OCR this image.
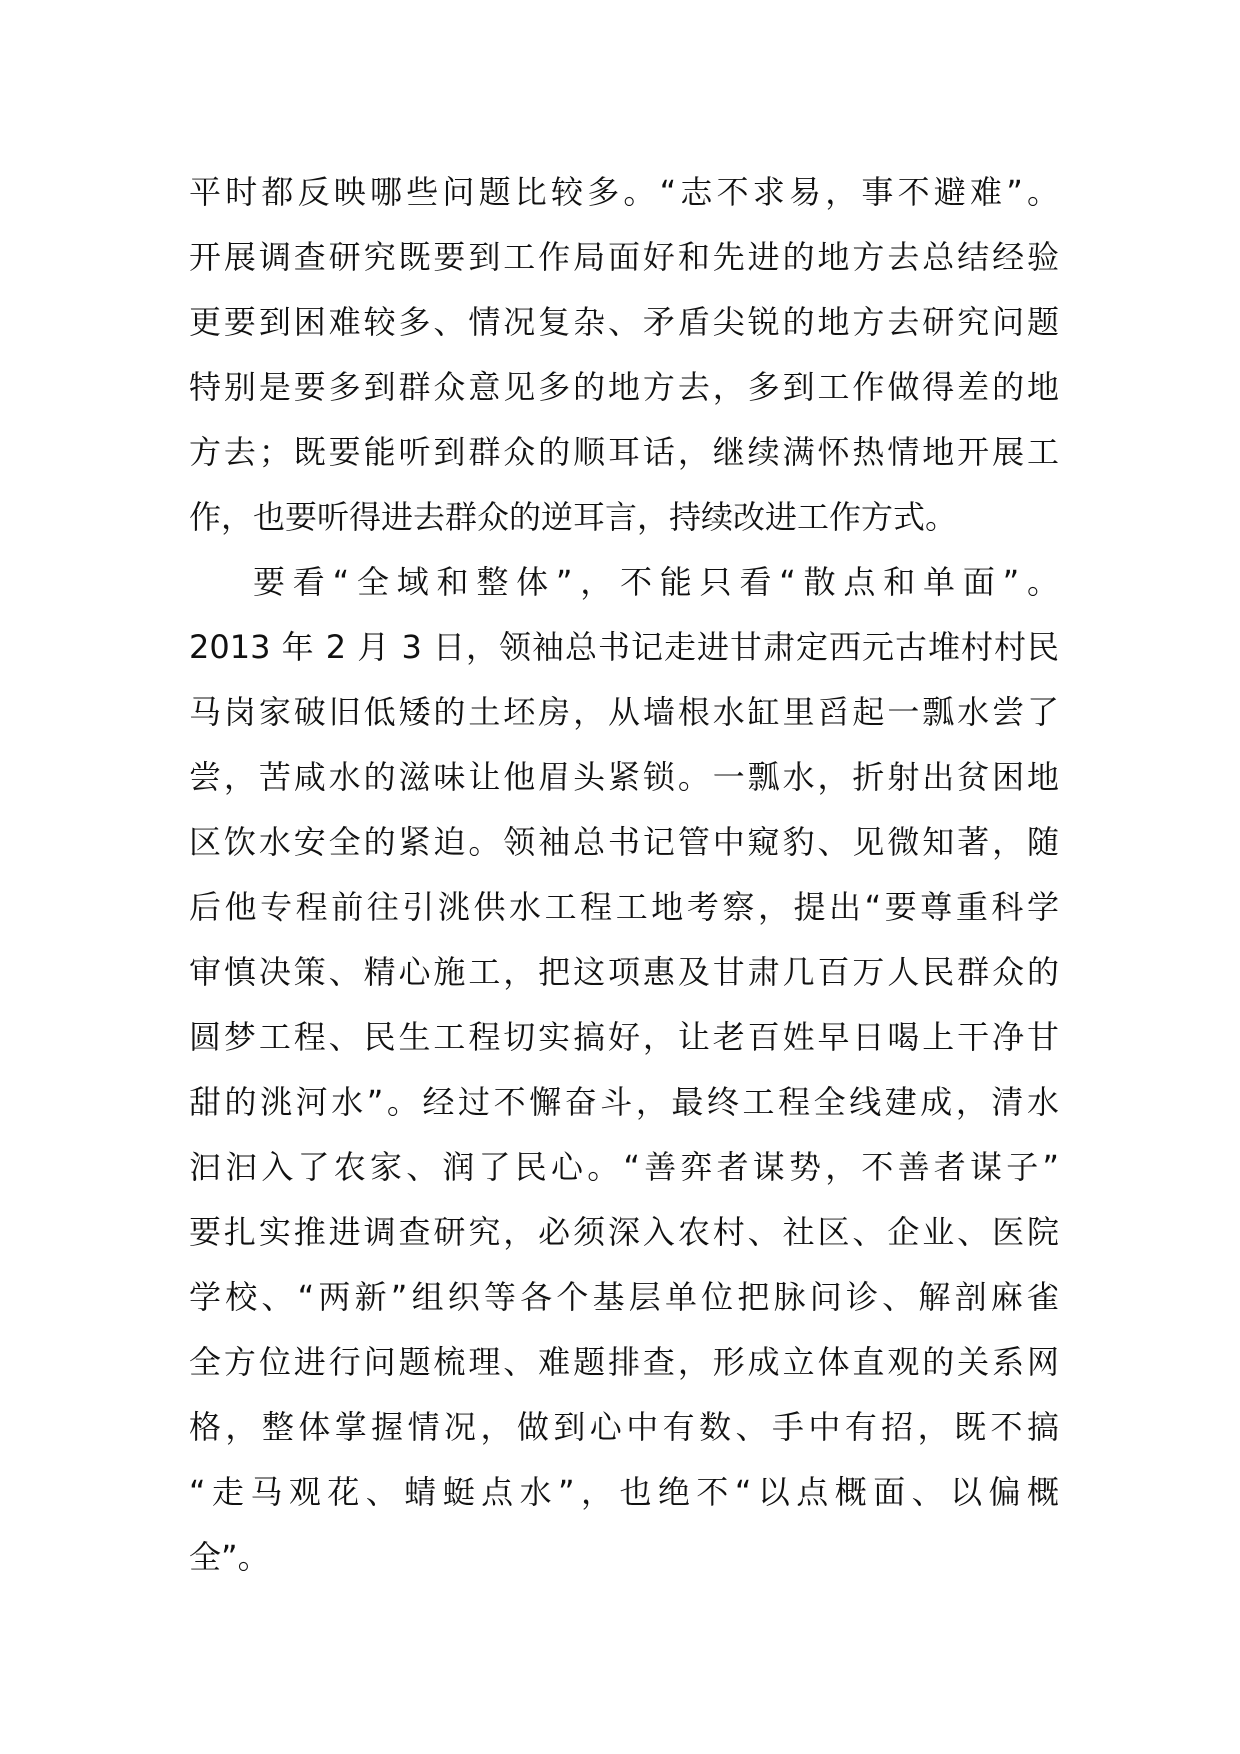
平时都反映哪些问题比较多。“志不求易，事不避难”。
开展调查研究既要到工作局面好和先进的地方去总结经验
更要到困难较多、情况复杂、矛盾尖锐的地方去研究问题
特别是要多到群众意见多的地方去，多到工作做得差的地
方去；既要能听到群众的顺耳话，继续满怀热情地开展工
作，也要听得进去群众的逆耳言，持续改进工作方式。
要看“全域和整体”，不能只看“散点和单面”。
2013 年 2 月 3 日，领袖总书记走进甘肃定西元古堆村村民
马岗家破旧低矮的土坯房，从墙根水缸里舀起一瓢水尝了
尝，苦咸水的滋味让他眉头紧锁。一瓢水，折射出贫困地
区饮水安全的紧迫。领袖总书记管中窥豹、见微知著，随
后他专程前往引洮供水工程工地考察，提出“要尊重科学
审慎决策、精心施工，把这项惠及甘肃几百万人民群众的
圆梦工程、民生工程切实搞好，让老百姓早日喝上干净甘
甜的洮河水”。经过不懈奋斗，最终工程全线建成，清水
汩汩入了农家、润了民心。“善弈者谋势，不善者谋子”
要扎实推进调查研究，必须深入农村、社区、企业、医院
学校、“两新”组织等各个基层单位把脉问诊、解剖麻雀
全方位进行问题梳理、难题排查，形成立体直观的关系网
格，整体掌握情况，做到心中有数、手中有招，既不搞
“走马观花、蜻蜓点水”，也绝不“以点概面、以偏概
全”。
